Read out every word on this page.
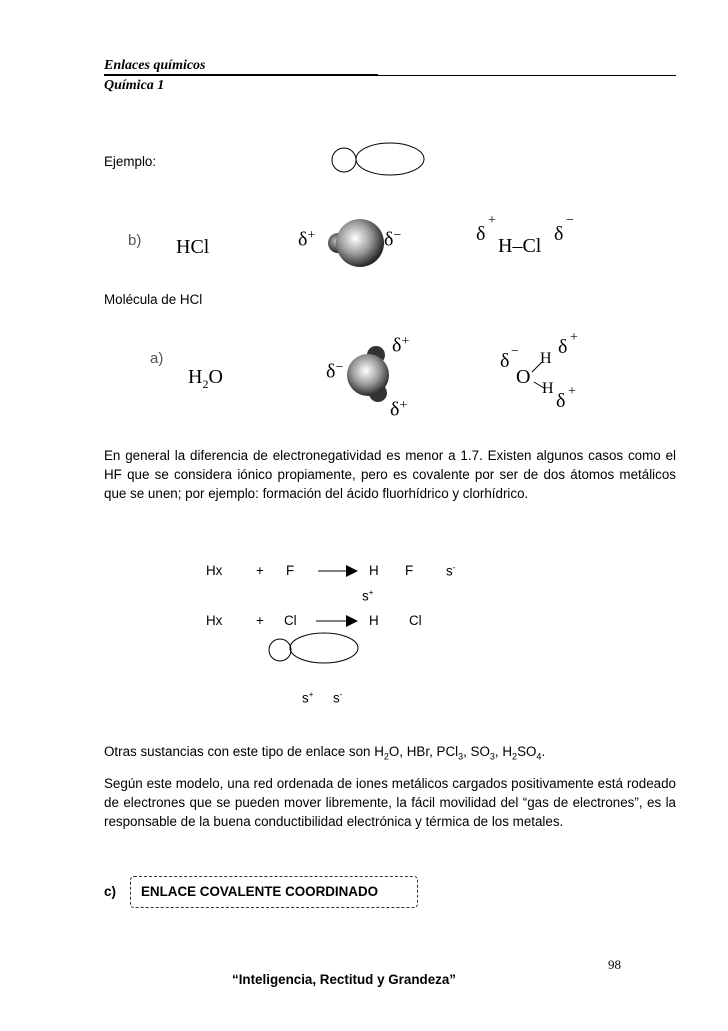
Enlaces químicos
Química 1
Ejemplo:
b) HCl	δ+	δ−	δ
+
H–Cl
δ
−
Molécula de HCl
a)
$H_2O$	δ−
δ+
δ+
δ −
O
H
δ +
H
δ +
En general la diferencia de electronegatividad es menor a 1.7. Existen algunos casos como el HF que se considera iónico propiamente, pero es covalente por ser de dos átomos metálicos que se unen; por ejemplo: formación del ácido fluorhídrico y clorhídrico.
Hx	+ F	H F s-
s+
Hx	+ Cl	H Cl
s+ s-
Otras sustancias con este tipo de enlace son $H_2O$, HBr, PCl$_3$, $SO_3$, $H_2SO_4$.
Según este modelo, una red ordenada de iones metálicos cargados positivamente está rodeado de electrones que se pueden mover libremente, la fácil movilidad del “gas de electrones”, es la responsable de la buena conductibilidad electrónica y térmica de los metales.
c) ENLACE COVALENTE COORDINADO
98
“Inteligencia, Rectitud y Grandeza”
